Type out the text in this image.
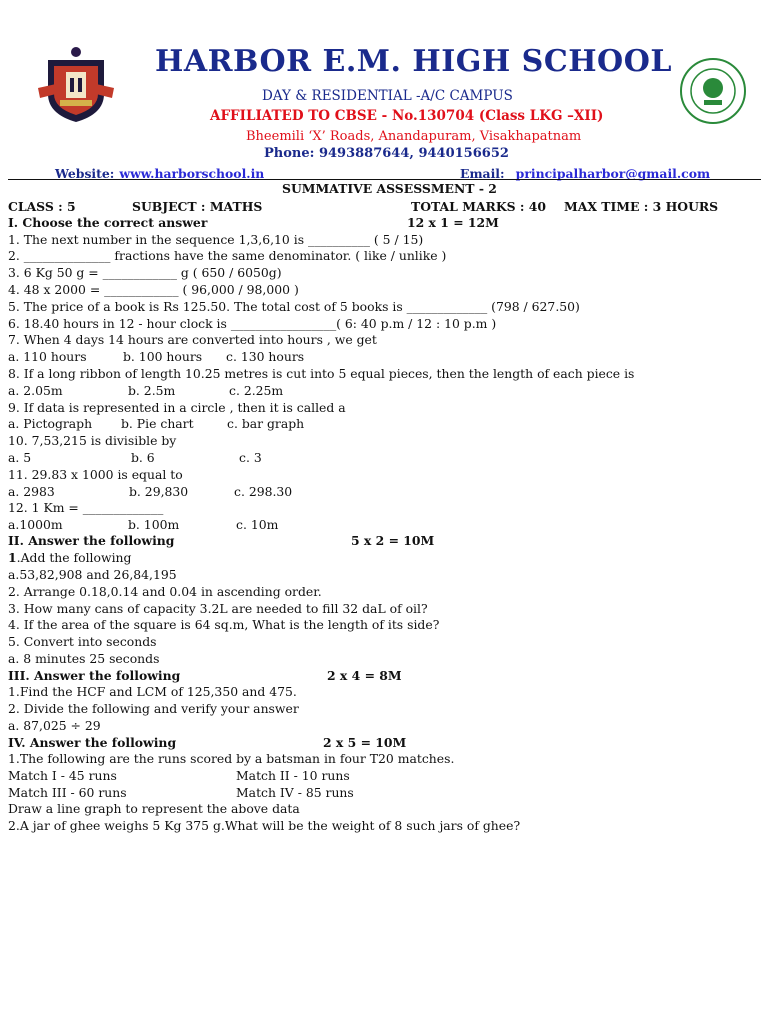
HARBOR E.M. HIGH SCHOOL
DAY & RESIDENTIAL -A/C CAMPUS
AFFILIATED TO CBSE - No.130704 (Class LKG –XII)
Bheemili ‘X’ Roads, Anandapuram, Visakhapatnam
Phone: 9493887644, 9440156652
Website: www.harborschool.in	Email: principalharbor@gmail.com
SUMMATIVE ASSESSMENT - 2
CLASS : 5	SUBJECT : MATHS	TOTAL MARKS : 40 MAX TIME : 3 HOURS
I. Choose the correct answer	12 x 1 = 12M
1. The next number in the sequence 1,3,6,10 is __________ ( 5 / 15)
2. ______________ fractions have the same denominator. ( like / unlike )
3. 6 Kg 50 g = ____________ g ( 650 / 6050g)
4. 48 x 2000 = ____________ ( 96,000 / 98,000 )
5. The price of a book is Rs 125.50. The total cost of 5 books is _____________ (798 / 627.50)
6. 18.40 hours in 12 - hour clock is _________________( 6: 40 p.m / 12 : 10 p.m )
7. When 4 days 14 hours are converted into hours , we get
a. 110 hours	b. 100 hours c. 130 hours
8. If a long ribbon of length 10.25 metres is cut into 5 equal pieces, then the length of each piece is
a. 2.05m	b. 2.5m	c. 2.25m
9. If data is represented in a circle , then it is called a
a. Pictograph b. Pie chart	c. bar graph
10. 7,53,215 is divisible by
a. 5	b. 6	c. 3
11. 29.83 x 1000 is equal to
a. 2983	b. 29,830	c. 298.30
12. 1 Km = _____________
a.1000m	b. 100m	c. 10m
II. Answer the following	5 x 2 = 10M
1.Add the following
a.53,82,908 and 26,84,195
2. Arrange 0.18,0.14 and 0.04 in ascending order.
3. How many cans of capacity 3.2L are needed to fill 32 daL of oil?
4. If the area of the square is 64 sq.m, What is the length of its side?
5. Convert into seconds
a. 8 minutes 25 seconds
III. Answer the following	2 x 4 = 8M
1.Find the HCF and LCM of 125,350 and 475.
2. Divide the following and verify your answer
a. 87,025 ÷ 29
IV. Answer the following	2 x 5 = 10M
1.The following are the runs scored by a batsman in four T20 matches.
Match I - 45 runs	Match II - 10 runs
Match III - 60 runs	Match IV - 85 runs
Draw a line graph to represent the above data
2.A jar of ghee weighs 5 Kg 375 g.What will be the weight of 8 such jars of ghee?
